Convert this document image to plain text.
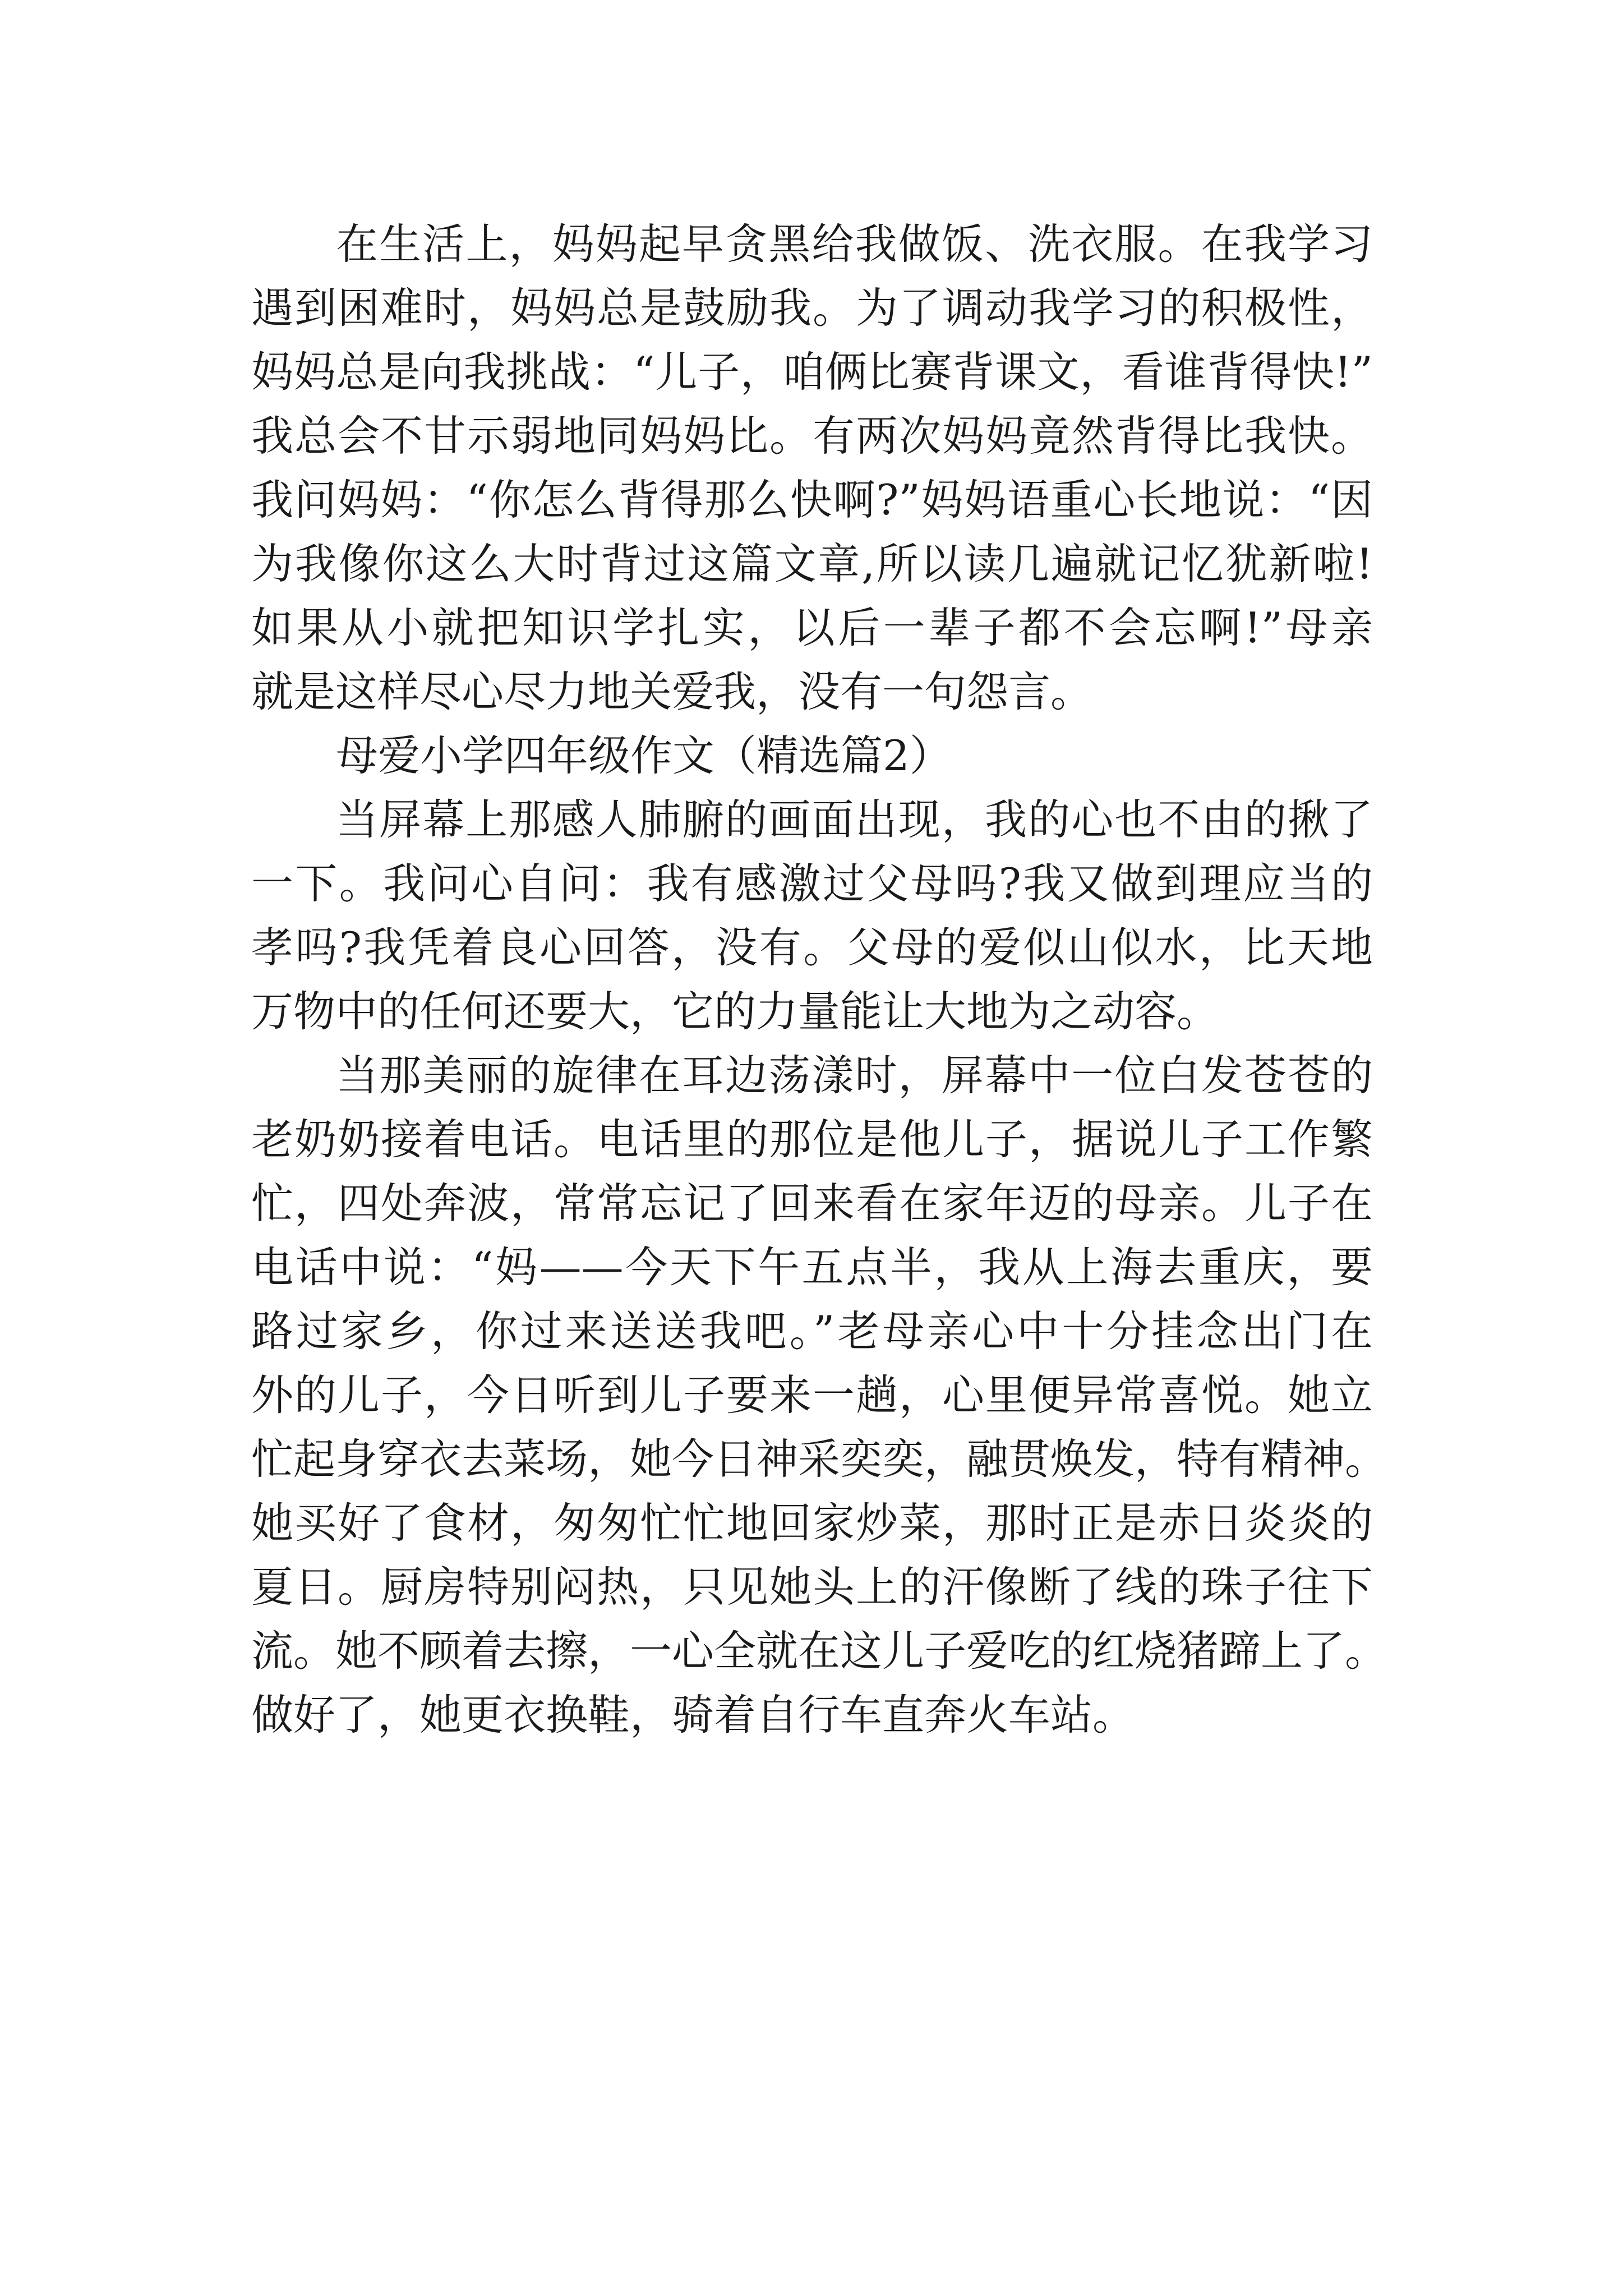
在生活上，妈妈起早贪黑给我做饭、洗衣服。在我学习
遇到困难时，妈妈总是鼓励我。为了调动我学习的积极性，
妈妈总是向我挑战：“儿子，咱俩比赛背课文，看谁背得快!”
我总会不甘示弱地同妈妈比。有两次妈妈竟然背得比我快。
我问妈妈：“你怎么背得那么快啊?”妈妈语重心长地说：“因
为我像你这么大时背过这篇文章,所以读几遍就记忆犹新啦!
如果从小就把知识学扎实，以后一辈子都不会忘啊!”母亲
就是这样尽心尽力地关爱我，没有一句怨言。
母爱小学四年级作文（精选篇2）
当屏幕上那感人肺腑的画面出现，我的心也不由的揪了
一下。我问心自问：我有感激过父母吗?我又做到理应当的
孝吗?我凭着良心回答，没有。父母的爱似山似水，比天地
万物中的任何还要大，它的力量能让大地为之动容。
当那美丽的旋律在耳边荡漾时，屏幕中一位白发苍苍的
老奶奶接着电话。电话里的那位是他儿子，据说儿子工作繁
忙，四处奔波，常常忘记了回来看在家年迈的母亲。儿子在
电话中说：“妈——今天下午五点半，我从上海去重庆，要
路过家乡，你过来送送我吧。”老母亲心中十分挂念出门在
外的儿子，今日听到儿子要来一趟，心里便异常喜悦。她立
忙起身穿衣去菜场，她今日神采奕奕，融贯焕发，特有精神。
她买好了食材，匆匆忙忙地回家炒菜，那时正是赤日炎炎的
夏日。厨房特别闷热，只见她头上的汗像断了线的珠子往下
流。她不顾着去擦，一心全就在这儿子爱吃的红烧猪蹄上了。
做好了，她更衣换鞋，骑着自行车直奔火车站。
